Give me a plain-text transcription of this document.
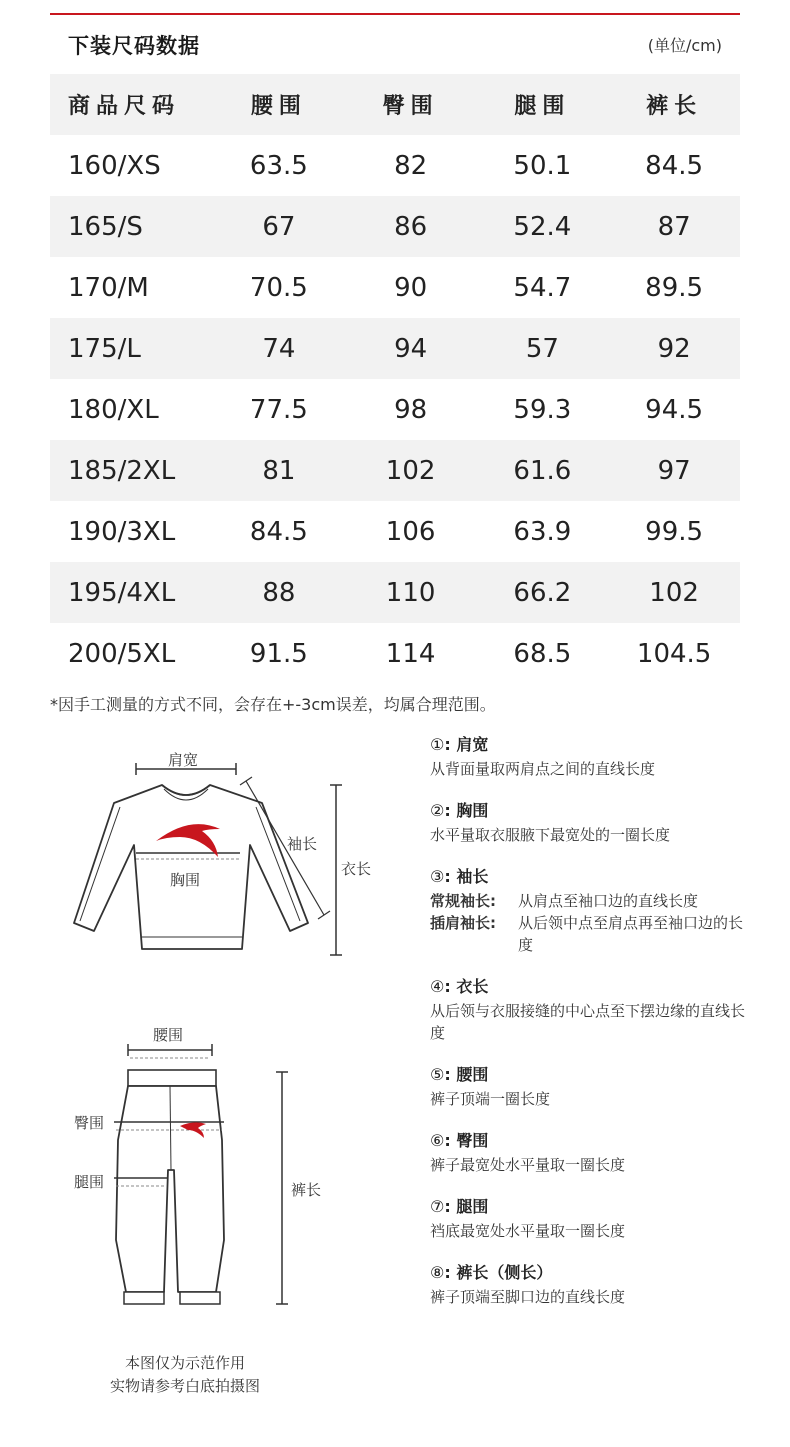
下装尺码数据	(单位/cm)
商品尺码	腰围	臀围	腿围	裤长
160/XS	63.5	82	50.1	84.5
165/S	67	86	52.4	87
170/M	70.5	90	54.7	89.5
175/L	74	94	57	92
180/XL	77.5	98	59.3	94.5
185/2XL	81	102	61.6	97
190/3XL	84.5	106	63.9	99.5
195/4XL	88	110	66.2	102
200/5XL	91.5	114	68.5	104.5
*因手工测量的方式不同，会存在+-3cm误差，均属合理范围。
肩宽
袖长
胸围
衣长
腰围
臀围
腿围	裤长
本图仅为示范作用
实物请参考白底拍摄图
①: 肩宽
从背面量取两肩点之间的直线长度
②: 胸围
水平量取衣服腋下最宽处的一圈长度
③: 袖长
常规袖长:	从肩点至袖口边的直线长度
插肩袖长:	从后领中点至肩点再至袖口边的长度
④: 衣长
从后领与衣服接缝的中心点至下摆边缘的直线长度
⑤: 腰围
裤子顶端一圈长度
⑥: 臀围
裤子最宽处水平量取一圈长度
⑦: 腿围
裆底最宽处水平量取一圈长度
⑧: 裤长（侧长）
裤子顶端至脚口边的直线长度
